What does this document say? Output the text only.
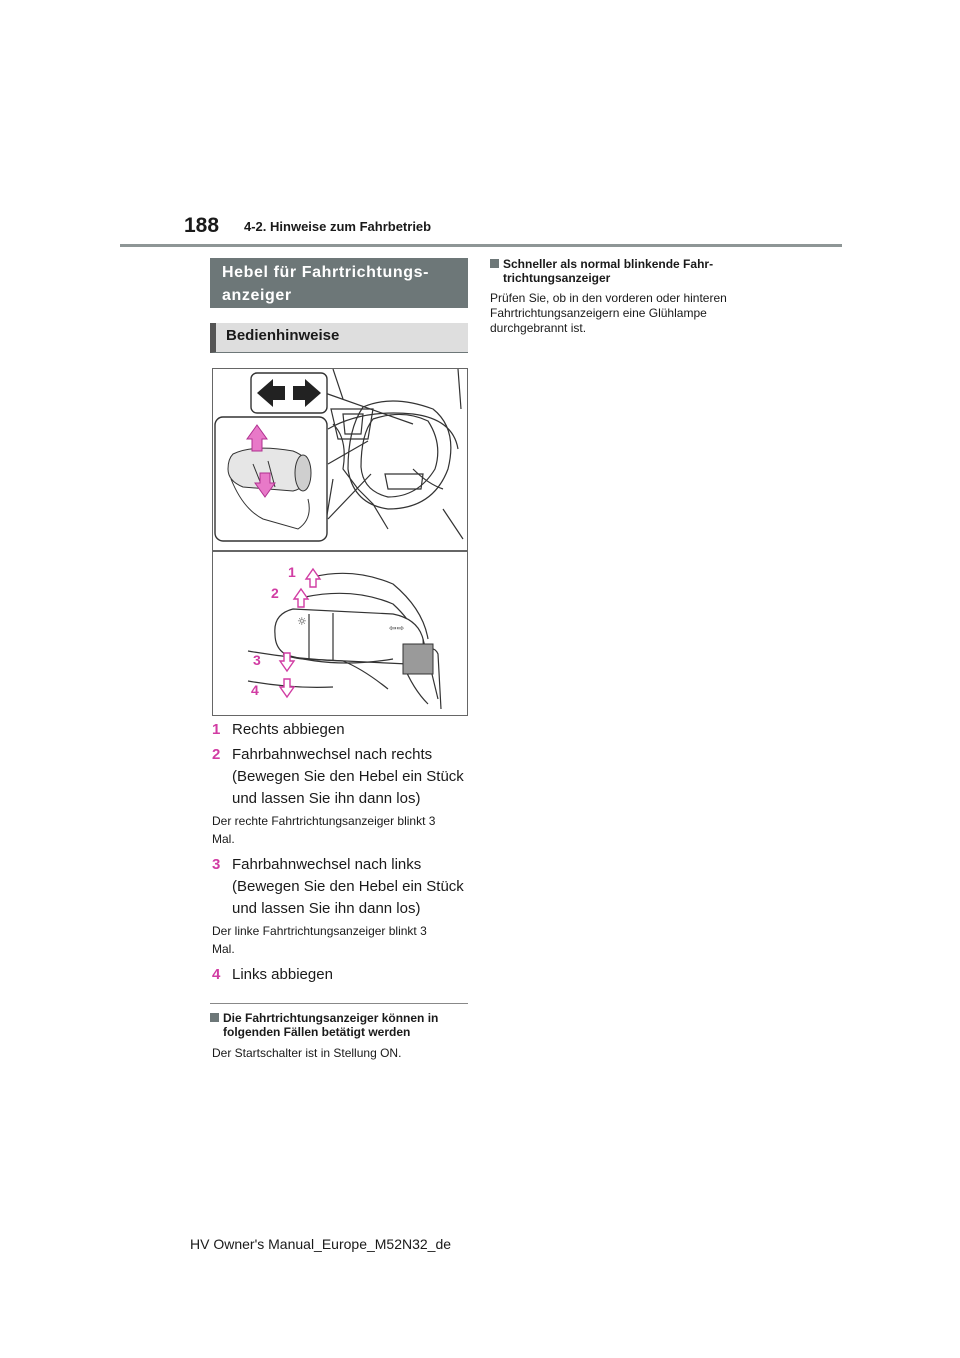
188 4-2. Hinweise zum Fahrbetrieb
Hebel für Fahrtrichtungs-
anzeiger
Bedienhinweise
☼
⇦⇨
1
2
3
4
1 Rechts abbiegen
2 Fahrbahnwechsel nach rechts
(Bewegen Sie den Hebel ein Stück
und lassen Sie ihn dann los)
Der rechte Fahrtrichtungsanzeiger blinkt 3
Mal.
3 Fahrbahnwechsel nach links
(Bewegen Sie den Hebel ein Stück
und lassen Sie ihn dann los)
Der linke Fahrtrichtungsanzeiger blinkt 3
Mal.
4 Links abbiegen
Die Fahrtrichtungsanzeiger können in
folgenden Fällen betätigt werden
Der Startschalter ist in Stellung ON.
Schneller als normal blinkende Fahr-
trichtungsanzeiger
Prüfen Sie, ob in den vorderen oder hinteren
Fahrtrichtungsanzeigern eine Glühlampe
durchgebrannt ist.
HV Owner's Manual_Europe_M52N32_de
